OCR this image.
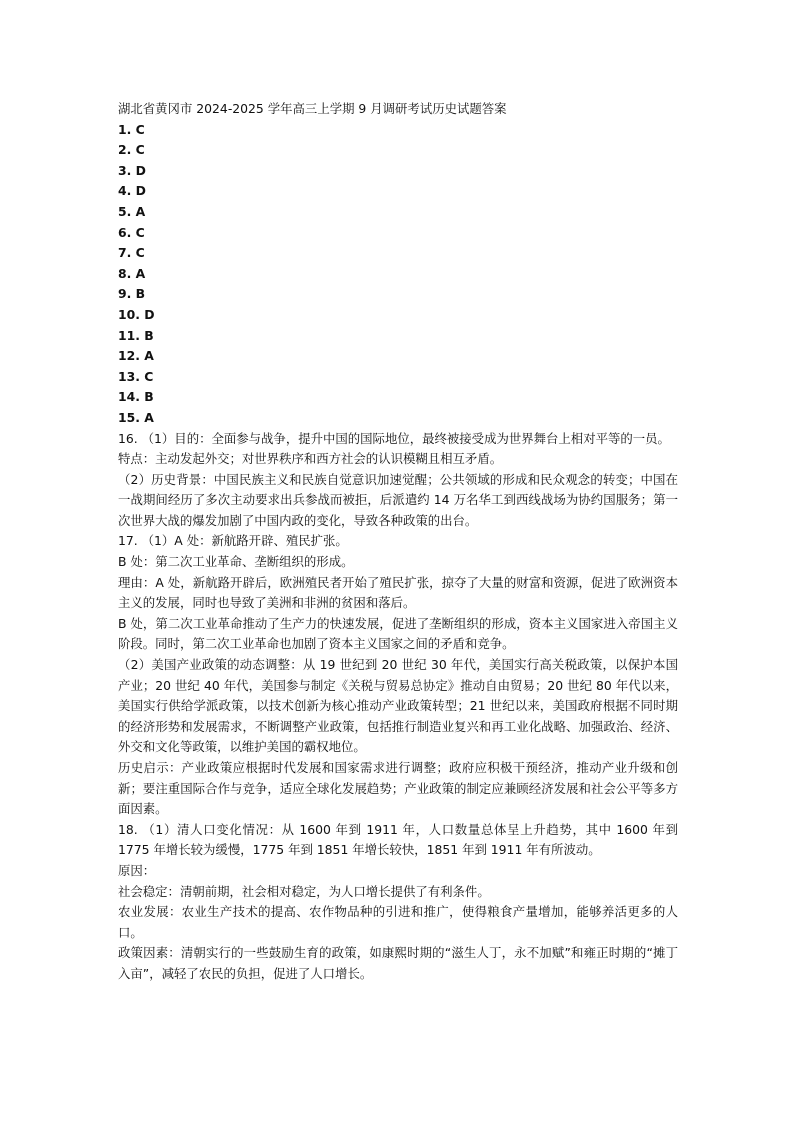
湖北省黄冈市 2024-2025 学年高三上学期 9 月调研考试历史试题答案
1. C
2. C
3. D
4. D
5. A
6. C
7. C
8. A
9. B
10. D
11. B
12. A
13. C
14. B
15. A
16. （1）目的：全面参与战争，提升中国的国际地位，最终被接受成为世界舞台上相对平等的一员。
特点：主动发起外交；对世界秩序和西方社会的认识模糊且相互矛盾。
（2）历史背景：中国民族主义和民族自觉意识加速觉醒；公共领域的形成和民众观念的转变；中国在一战期间经历了多次主动要求出兵参战而被拒，后派遣约 14 万名华工到西线战场为协约国服务；第一次世界大战的爆发加剧了中国内政的变化，导致各种政策的出台。
17. （1）A 处：新航路开辟、殖民扩张。
B 处：第二次工业革命、垄断组织的形成。
理由：A 处，新航路开辟后，欧洲殖民者开始了殖民扩张，掠夺了大量的财富和资源，促进了欧洲资本主义的发展，同时也导致了美洲和非洲的贫困和落后。
B 处，第二次工业革命推动了生产力的快速发展，促进了垄断组织的形成，资本主义国家进入帝国主义阶段。同时，第二次工业革命也加剧了资本主义国家之间的矛盾和竞争。
（2）美国产业政策的动态调整：从 19 世纪到 20 世纪 30 年代，美国实行高关税政策，以保护本国产业；20 世纪 40 年代，美国参与制定《关税与贸易总协定》推动自由贸易；20 世纪 80 年代以来，美国实行供给学派政策，以技术创新为核心推动产业政策转型；21 世纪以来，美国政府根据不同时期的经济形势和发展需求，不断调整产业政策，包括推行制造业复兴和再工业化战略、加强政治、经济、外交和文化等政策，以维护美国的霸权地位。
历史启示：产业政策应根据时代发展和国家需求进行调整；政府应积极干预经济，推动产业升级和创新；要注重国际合作与竞争，适应全球化发展趋势；产业政策的制定应兼顾经济发展和社会公平等多方面因素。
18. （1）清人口变化情况：从 1600 年到 1911 年，人口数量总体呈上升趋势，其中 1600 年到 1775 年增长较为缓慢，1775 年到 1851 年增长较快，1851 年到 1911 年有所波动。
原因：
社会稳定：清朝前期，社会相对稳定，为人口增长提供了有利条件。
农业发展：农业生产技术的提高、农作物品种的引进和推广，使得粮食产量增加，能够养活更多的人口。
政策因素：清朝实行的一些鼓励生育的政策，如康熙时期的“滋生人丁，永不加赋”和雍正时期的“摊丁入亩”，减轻了农民的负担，促进了人口增长。
